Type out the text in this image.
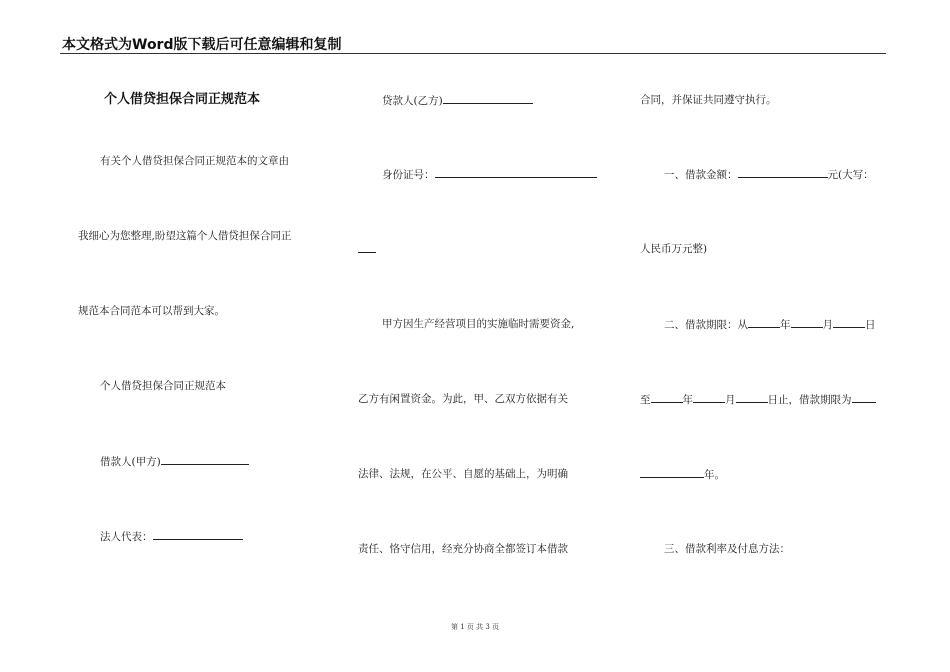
本文格式为Word版下载后可任意编辑和复制
个人借贷担保合同正规范本
有关个人借贷担保合同正规范本的文章由
我细心为您整理,盼望这篇个人借贷担保合同正
规范本合同范本可以帮到大家。
个人借贷担保合同正规范本
借款人(甲方)
法人代表：
贷款人(乙方)
身份证号：
甲方因生产经营项目的实施临时需要资金,
乙方有闲置资金。为此，甲、乙双方依据有关
法律、法规，在公平、自愿的基础上，为明确
责任、恪守信用，经充分协商全都签订本借款
合同，并保证共同遵守执行。
一、借款金额：	元(大写：
人民币万元整)
二、借款期限：从	年	月	日
至	年	月	日止，借款期限为
年。
三、借款利率及付息方法：
第 1 页 共 3 页
